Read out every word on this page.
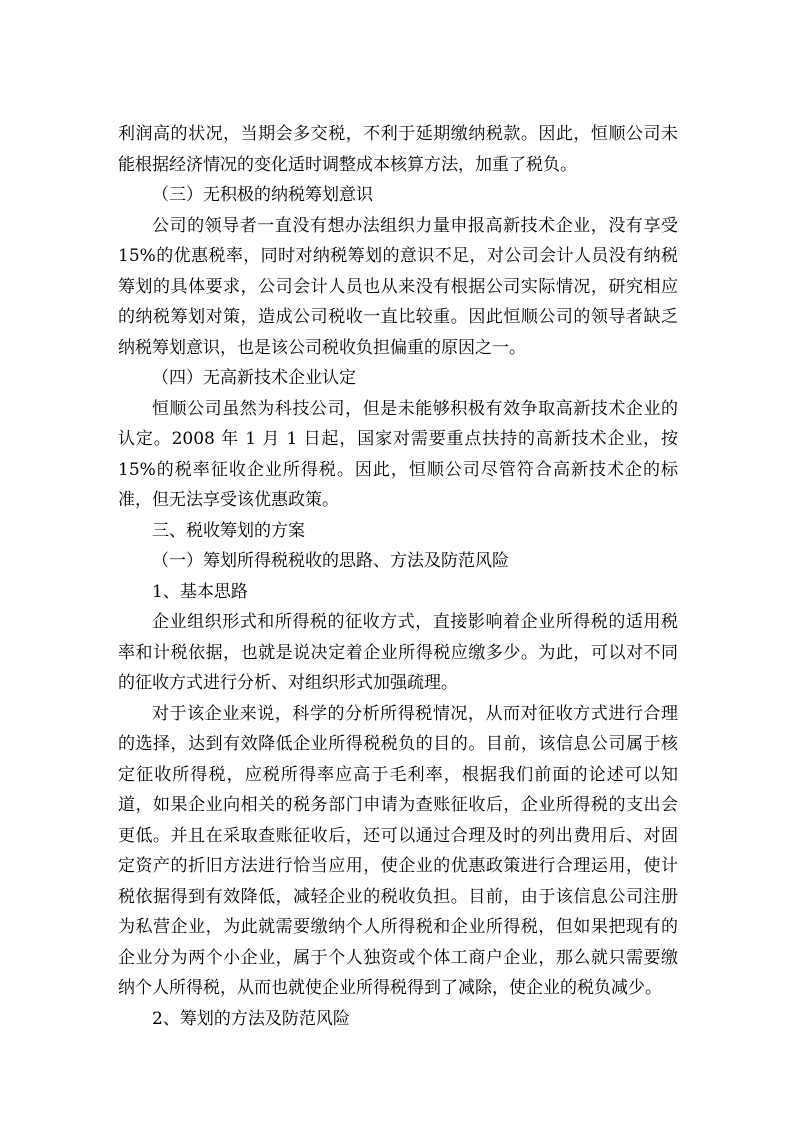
利润高的状况，当期会多交税，不利于延期缴纳税款。因此，恒顺公司未能根据经济情况的变化适时调整成本核算方法，加重了税负。

（三）无积极的纳税筹划意识

公司的领导者一直没有想办法组织力量申报高新技术企业，没有享受 15%的优惠税率，同时对纳税筹划的意识不足，对公司会计人员没有纳税筹划的具体要求，公司会计人员也从来没有根据公司实际情况，研究相应的纳税筹划对策，造成公司税收一直比较重。因此恒顺公司的领导者缺乏纳税筹划意识，也是该公司税收负担偏重的原因之一。

（四）无高新技术企业认定

恒顺公司虽然为科技公司，但是未能够积极有效争取高新技术企业的认定。2008 年 1 月 1 日起，国家对需要重点扶持的高新技术企业，按 15%的税率征收企业所得税。因此，恒顺公司尽管符合高新技术企的标准，但无法享受该优惠政策。

三、税收筹划的方案

（一）筹划所得税税收的思路、方法及防范风险

1、基本思路

企业组织形式和所得税的征收方式，直接影响着企业所得税的适用税率和计税依据，也就是说决定着企业所得税应缴多少。为此，可以对不同的征收方式进行分析、对组织形式加强疏理。

对于该企业来说，科学的分析所得税情况，从而对征收方式进行合理的选择，达到有效降低企业所得税税负的目的。目前，该信息公司属于核定征收所得税，应税所得率应高于毛利率，根据我们前面的论述可以知道，如果企业向相关的税务部门申请为查账征收后，企业所得税的支出会更低。并且在采取查账征收后，还可以通过合理及时的列出费用后、对固定资产的折旧方法进行恰当应用，使企业的优惠政策进行合理运用，使计税依据得到有效降低，减轻企业的税收负担。目前，由于该信息公司注册为私营企业，为此就需要缴纳个人所得税和企业所得税，但如果把现有的企业分为两个小企业，属于个人独资或个体工商户企业，那么就只需要缴纳个人所得税，从而也就使企业所得税得到了减除，使企业的税负减少。

2、筹划的方法及防范风险
